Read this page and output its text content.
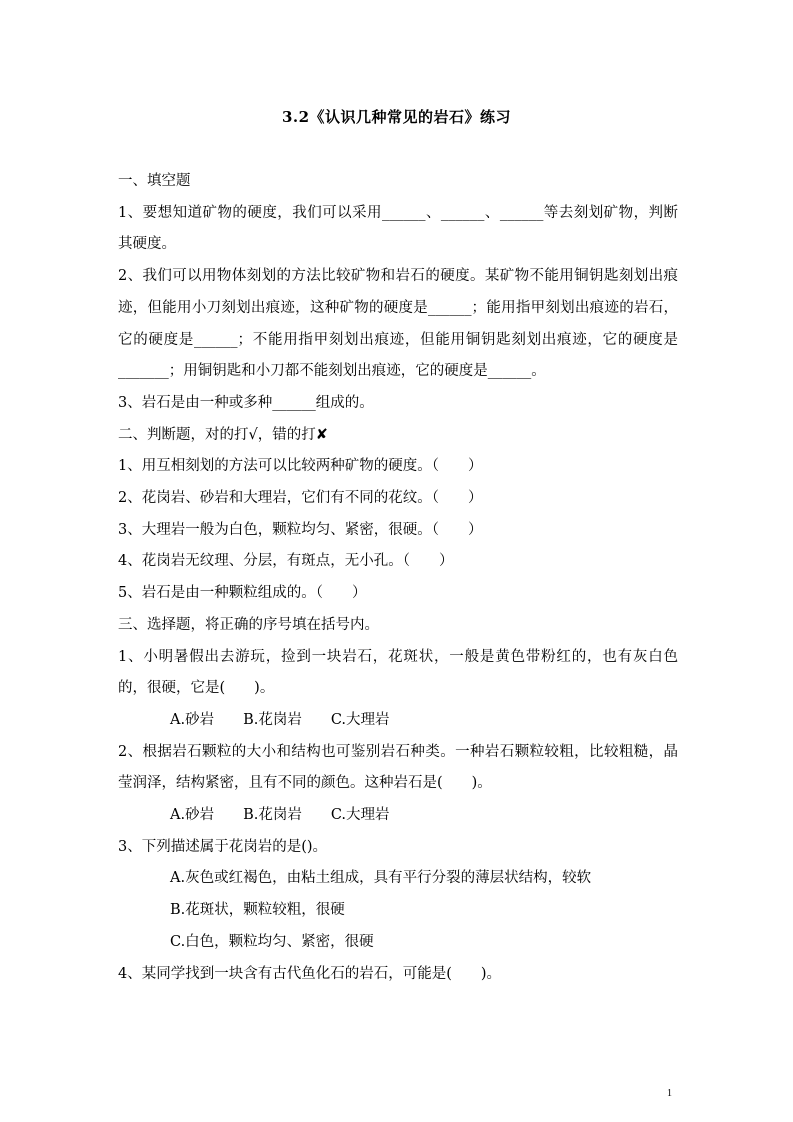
3.2《认识几种常见的岩石》练习

一、填空题

1、要想知道矿物的硬度，我们可以采用______、______、______等去刻划矿物，判断其硬度。

2、我们可以用物体刻划的方法比较矿物和岩石的硬度。某矿物不能用铜钥匙刻划出痕迹，但能用小刀刻划出痕迹，这种矿物的硬度是______；能用指甲刻划出痕迹的岩石，它的硬度是______；不能用指甲刻划出痕迹，但能用铜钥匙刻划出痕迹，它的硬度是_______；用铜钥匙和小刀都不能刻划出痕迹，它的硬度是______。

3、岩石是由一种或多种______组成的。

二、判断题，对的打√，错的打✘

1、用互相刻划的方法可以比较两种矿物的硬度。（　　）

2、花岗岩、砂岩和大理岩，它们有不同的花纹。（　　）

3、大理岩一般为白色，颗粒均匀、紧密，很硬。（　　）

4、花岗岩无纹理、分层，有斑点，无小孔。（　　）

5、岩石是由一种颗粒组成的。（　　）

三、选择题，将正确的序号填在括号内。

1、小明暑假出去游玩，捡到一块岩石，花斑状，一般是黄色带粉红的，也有灰白色的，很硬，它是(　　)。

A.砂岩　　B.花岗岩　　C.大理岩

2、根据岩石颗粒的大小和结构也可鉴别岩石种类。一种岩石颗粒较粗，比较粗糙，晶莹润泽，结构紧密，且有不同的颜色。这种岩石是(　　)。

A.砂岩　　B.花岗岩　　C.大理岩

3、下列描述属于花岗岩的是()。

A.灰色或红褐色，由粘土组成，具有平行分裂的薄层状结构，较软

B.花斑状，颗粒较粗，很硬

C.白色，颗粒均匀、紧密，很硬

4、某同学找到一块含有古代鱼化石的岩石，可能是(　　)。

1
